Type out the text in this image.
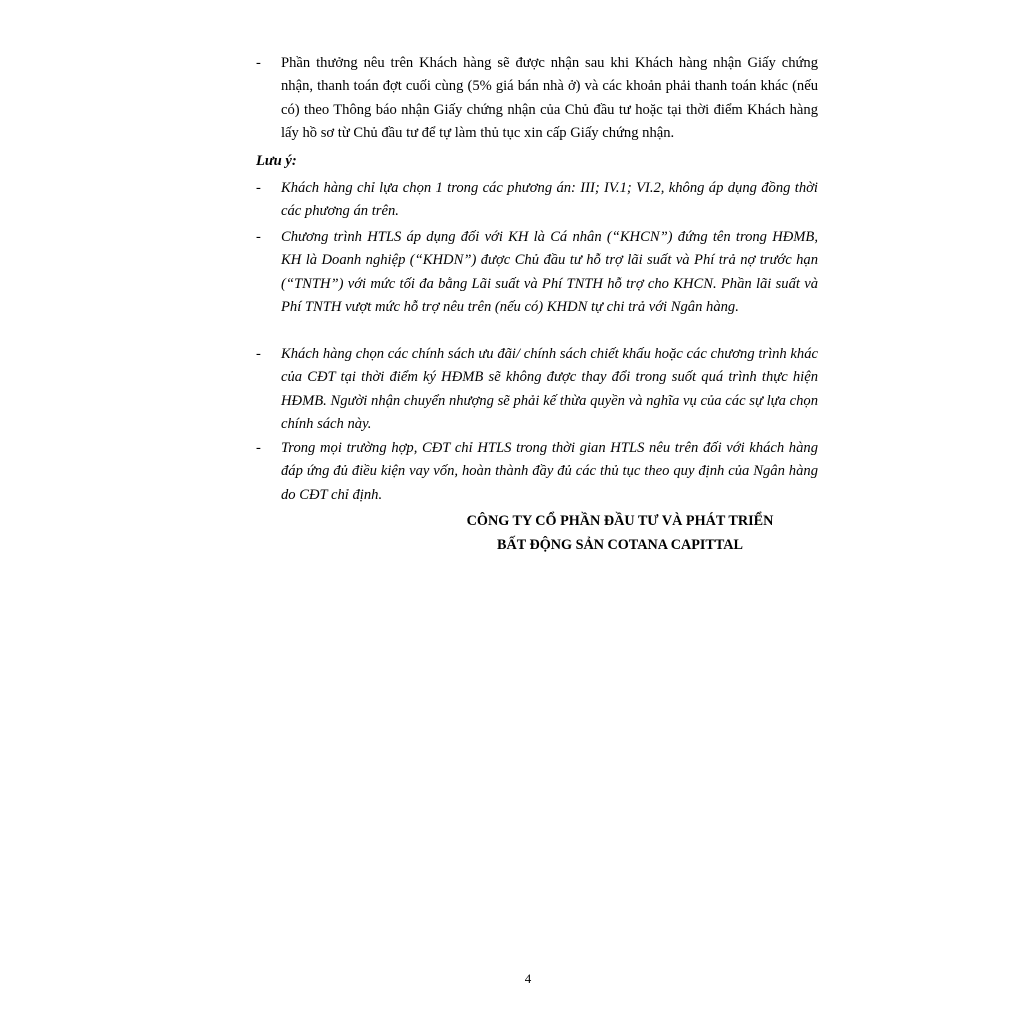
- Phần thưởng nêu trên Khách hàng sẽ được nhận sau khi Khách hàng nhận Giấy chứng nhận, thanh toán đợt cuối cùng (5% giá bán nhà ở) và các khoản phải thanh toán khác (nếu có) theo Thông báo nhận Giấy chứng nhận của Chủ đầu tư hoặc tại thời điểm Khách hàng lấy hồ sơ từ Chủ đầu tư để tự làm thủ tục xin cấp Giấy chứng nhận.
Lưu ý:
- Khách hàng chỉ lựa chọn 1 trong các phương án: III; IV.1; VI.2, không áp dụng đồng thời các phương án trên.
- Chương trình HTLS áp dụng đối với KH là Cá nhân (“KHCN”) đứng tên trong HĐMB, KH là Doanh nghiệp (“KHDN”) được Chủ đầu tư hỗ trợ lãi suất và Phí trả nợ trước hạn (“TNTH”) với mức tối đa bằng Lãi suất và Phí TNTH hỗ trợ cho KHCN. Phần lãi suất và Phí TNTH vượt mức hỗ trợ nêu trên (nếu có) KHDN tự chi trả với Ngân hàng.
- Khách hàng chọn các chính sách ưu đãi/ chính sách chiết khấu hoặc các chương trình khác của CĐT tại thời điểm ký HĐMB sẽ không được thay đổi trong suốt quá trình thực hiện HĐMB. Người nhận chuyển nhượng sẽ phải kế thừa quyền và nghĩa vụ của các sự lựa chọn chính sách này.
- Trong mọi trường hợp, CĐT chỉ HTLS trong thời gian HTLS nêu trên đối với khách hàng đáp ứng đủ điều kiện vay vốn, hoàn thành đầy đủ các thủ tục theo quy định của Ngân hàng do CĐT chỉ định.
CÔNG TY CỔ PHẦN ĐẦU TƯ VÀ PHÁT TRIỂN
BẤT ĐỘNG SẢN COTANA CAPITTAL
4
